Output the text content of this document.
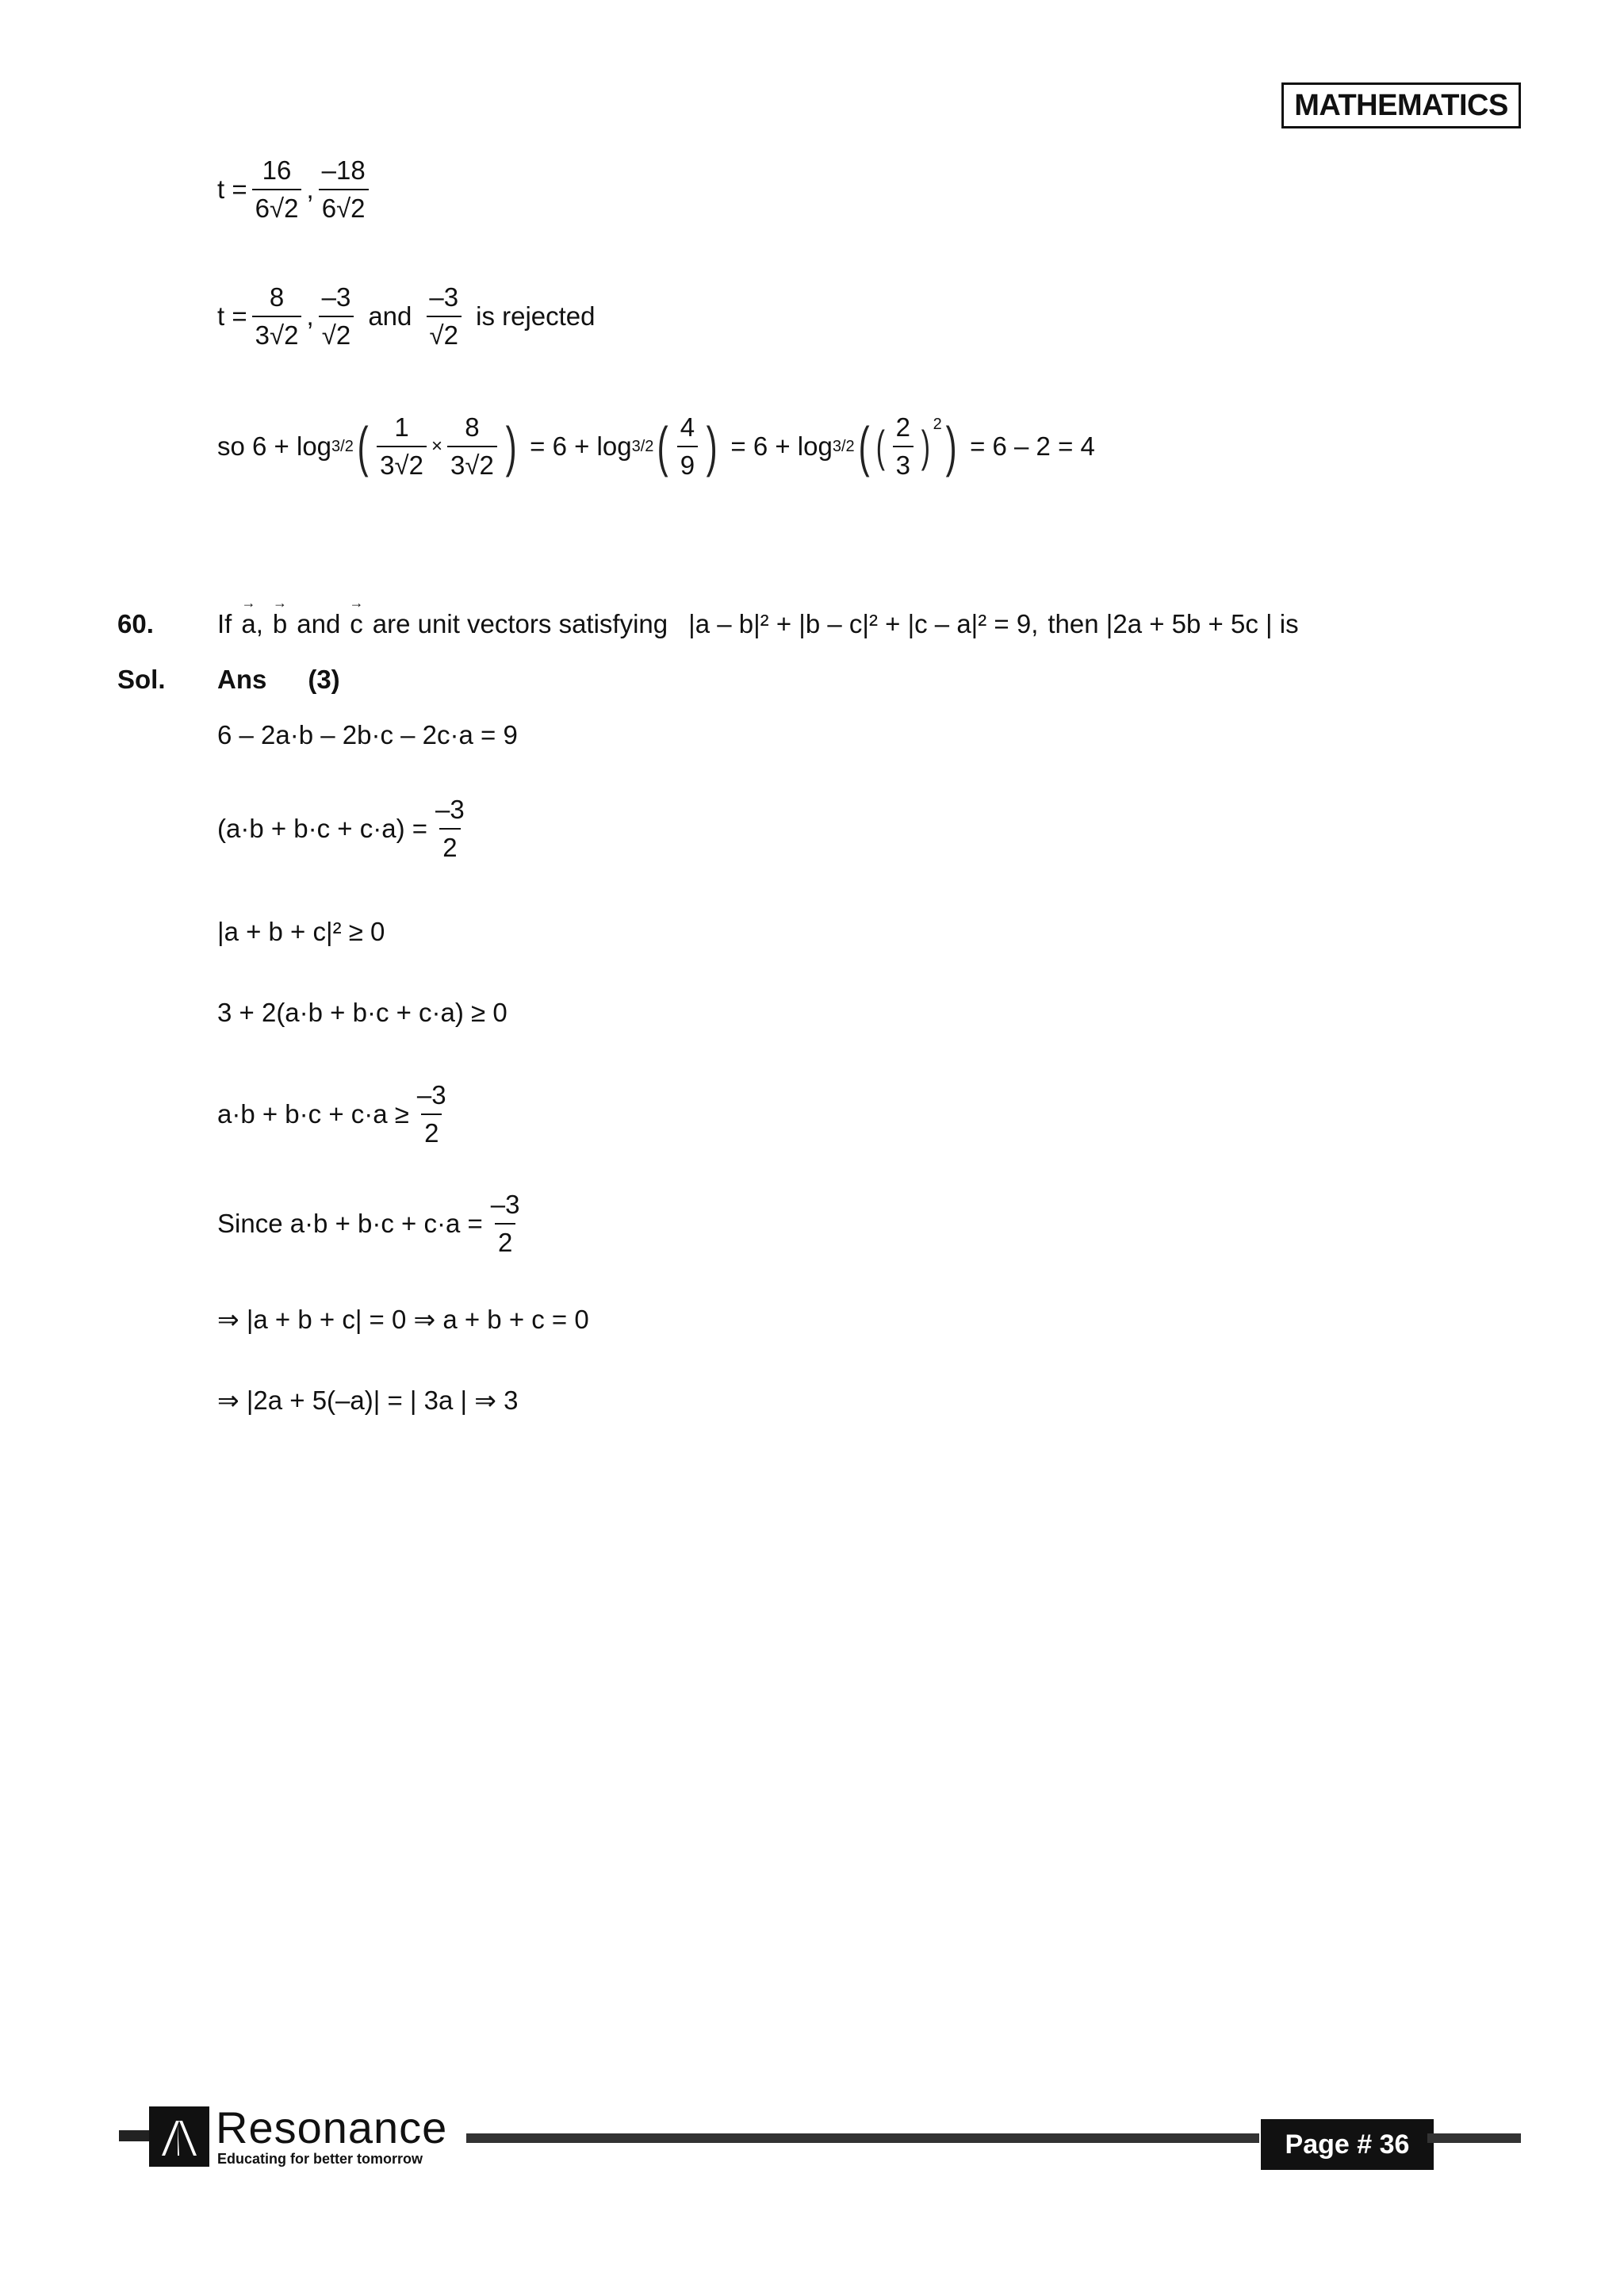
MATHEMATICS
$t = \frac{16}{6√2}$ , $\frac{-18}{6√2}$
$t = \frac{8}{3√2}$ , $\frac{-3}{√2}$ and $\frac{-3}{√2}$ is rejected
so 6 + log 3/2 ( $\frac{1}{3√2} \times \frac{8}{3√2}$ ) = 6 + log 3/2 ( $\frac{4}{9}$ ) = 6 + log 3/2 ( ( $\frac{2}{3} )^2$ ) = 6 – 2 = 4
60. If → a , → b and → c are unit vectors satisfying |a – b|² + |b – c|² + |c – a|² = 9, then |2a + 5b + 5c | is
Sol. Ans (3)
6 – 2a·b – 2b·c – 2c·a = 9
$(a\cdot b + b\cdot c + c\cdot a) = \frac{-3}{2}$
|a + b + c|² ≥ 0
3 + 2(a·b + b·c + c·a) ≥ 0
$a\cdot b + b\cdot c + c\cdot a \ge \frac{-3}{2}$
Since $a\cdot b + b\cdot c + c\cdot a = \frac{-3}{2}$
⇒ |a + b + c| = 0 ⇒ a + b + c = 0
⇒ |2a + 5(–a)| = | 3a | ⇒ 3
Resonance
Educating for better tomorrow	Page # 36
